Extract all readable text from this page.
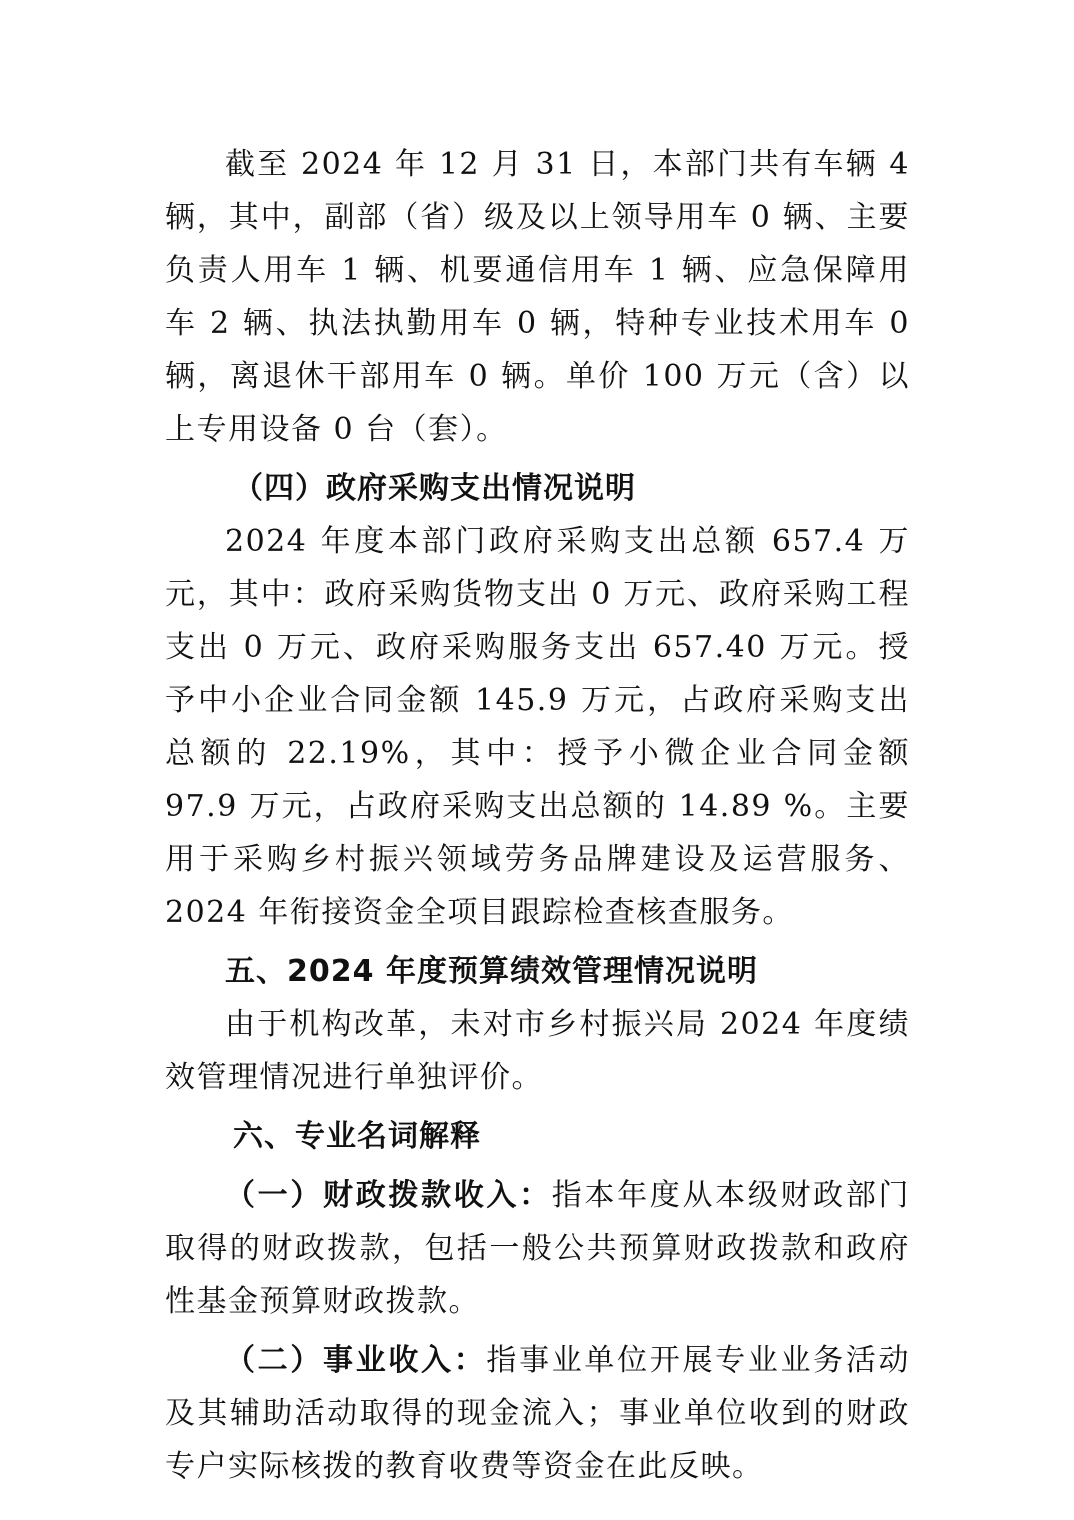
截至 2024 年 12 月 31 日，本部门共有车辆 4 辆，其中，副部（省）级及以上领导用车 0 辆、主要负责人用车 1 辆、机要通信用车 1 辆、应急保障用车 2 辆、执法执勤用车 0 辆，特种专业技术用车 0 辆，离退休干部用车 0 辆。单价 100 万元（含）以上专用设备 0 台（套）。

（四）政府采购支出情况说明

2024 年度本部门政府采购支出总额 657.4 万元，其中：政府采购货物支出 0 万元、政府采购工程支出 0 万元、政府采购服务支出 657.40 万元。授予中小企业合同金额 145.9 万元，占政府采购支出总额的 22.19%，其中：授予小微企业合同金额 97.9 万元，占政府采购支出总额的 14.89 %。主要用于采购乡村振兴领域劳务品牌建设及运营服务、2024 年衔接资金全项目跟踪检查核查服务。

五、2024 年度预算绩效管理情况说明

由于机构改革，未对市乡村振兴局 2024 年度绩效管理情况进行单独评价。

六、专业名词解释

（一）财政拨款收入：指本年度从本级财政部门取得的财政拨款，包括一般公共预算财政拨款和政府性基金预算财政拨款。

（二）事业收入：指事业单位开展专业业务活动及其辅助活动取得的现金流入；事业单位收到的财政专户实际核拨的教育收费等资金在此反映。
